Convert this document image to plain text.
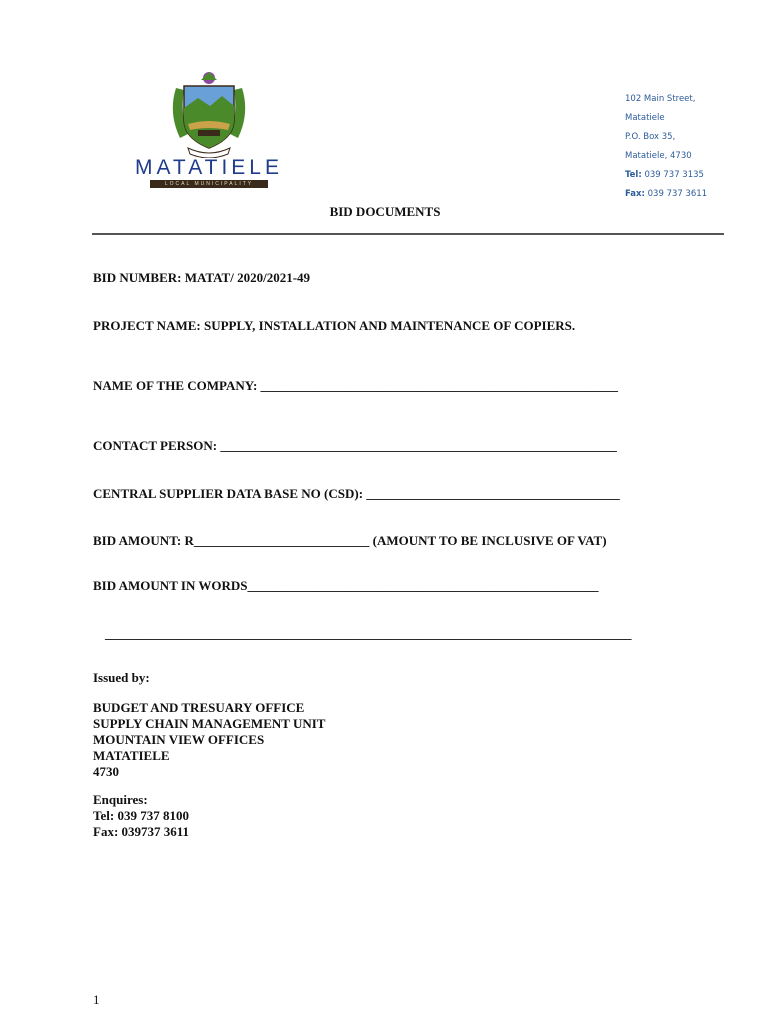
MATATIELE
LOCAL MUNICIPALITY
102 Main Street,
Matatiele
P.O. Box 35,
Matatiele, 4730
Tel: 039 737 3135
Fax: 039 737 3611
BID DOCUMENTS
BID NUMBER: MATAT/ 2020/2021-49
PROJECT NAME: SUPPLY, INSTALLATION AND MAINTENANCE OF COPIERS.
NAME OF THE COMPANY: _______________________________________________________
CONTACT PERSON: _____________________________________________________________
CENTRAL SUPPLIER DATA BASE NO (CSD): _______________________________________
BID AMOUNT: R___________________________ (AMOUNT TO BE INCLUSIVE OF VAT)
BID AMOUNT IN WORDS______________________________________________________
_________________________________________________________________________________
Issued by:
BUDGET AND TRESUARY OFFICE
SUPPLY CHAIN MANAGEMENT UNIT
MOUNTAIN VIEW OFFICES
MATATIELE
4730
Enquires:
Tel: 039 737 8100
Fax: 039737 3611
1
